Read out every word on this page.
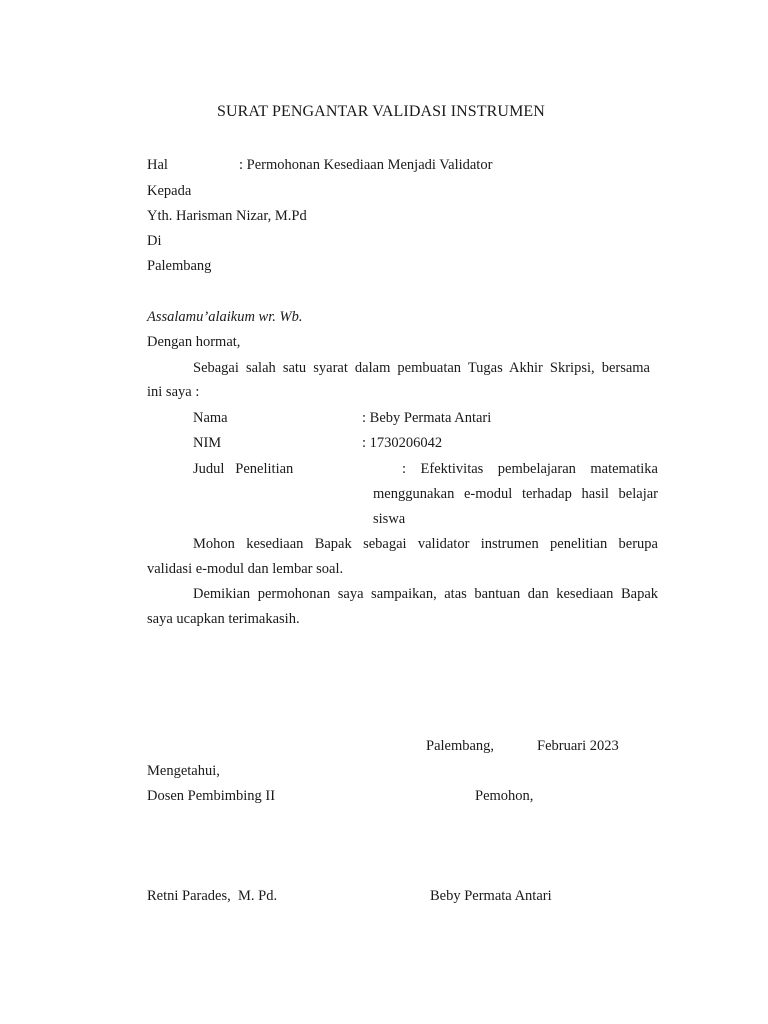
SURAT PENGANTAR VALIDASI INSTRUMEN
Hal	: Permohonan Kesediaan Menjadi Validator
Kepada
Yth. Harisman Nizar, M.Pd
Di
Palembang
Assalamu’alaikum wr. Wb.
Dengan hormat,
Sebagai salah satu syarat dalam pembuatan Tugas Akhir Skripsi, bersama
ini saya :
Nama	: Beby Permata Antari
NIM	: 1730206042
Judul   Penelitian	: Efektivitas pembelajaran matematika
menggunakan e-modul terhadap hasil belajar
siswa
Mohon kesediaan Bapak sebagai validator instrumen penelitian berupa
validasi e-modul dan lembar soal.
Demikian permohonan saya sampaikan, atas bantuan dan kesediaan Bapak
saya ucapkan terimakasih.
Palembang,	Februari 2023
Mengetahui,
Dosen Pembimbing II	Pemohon,
Retni Parades,  M. Pd.	Beby Permata Antari
